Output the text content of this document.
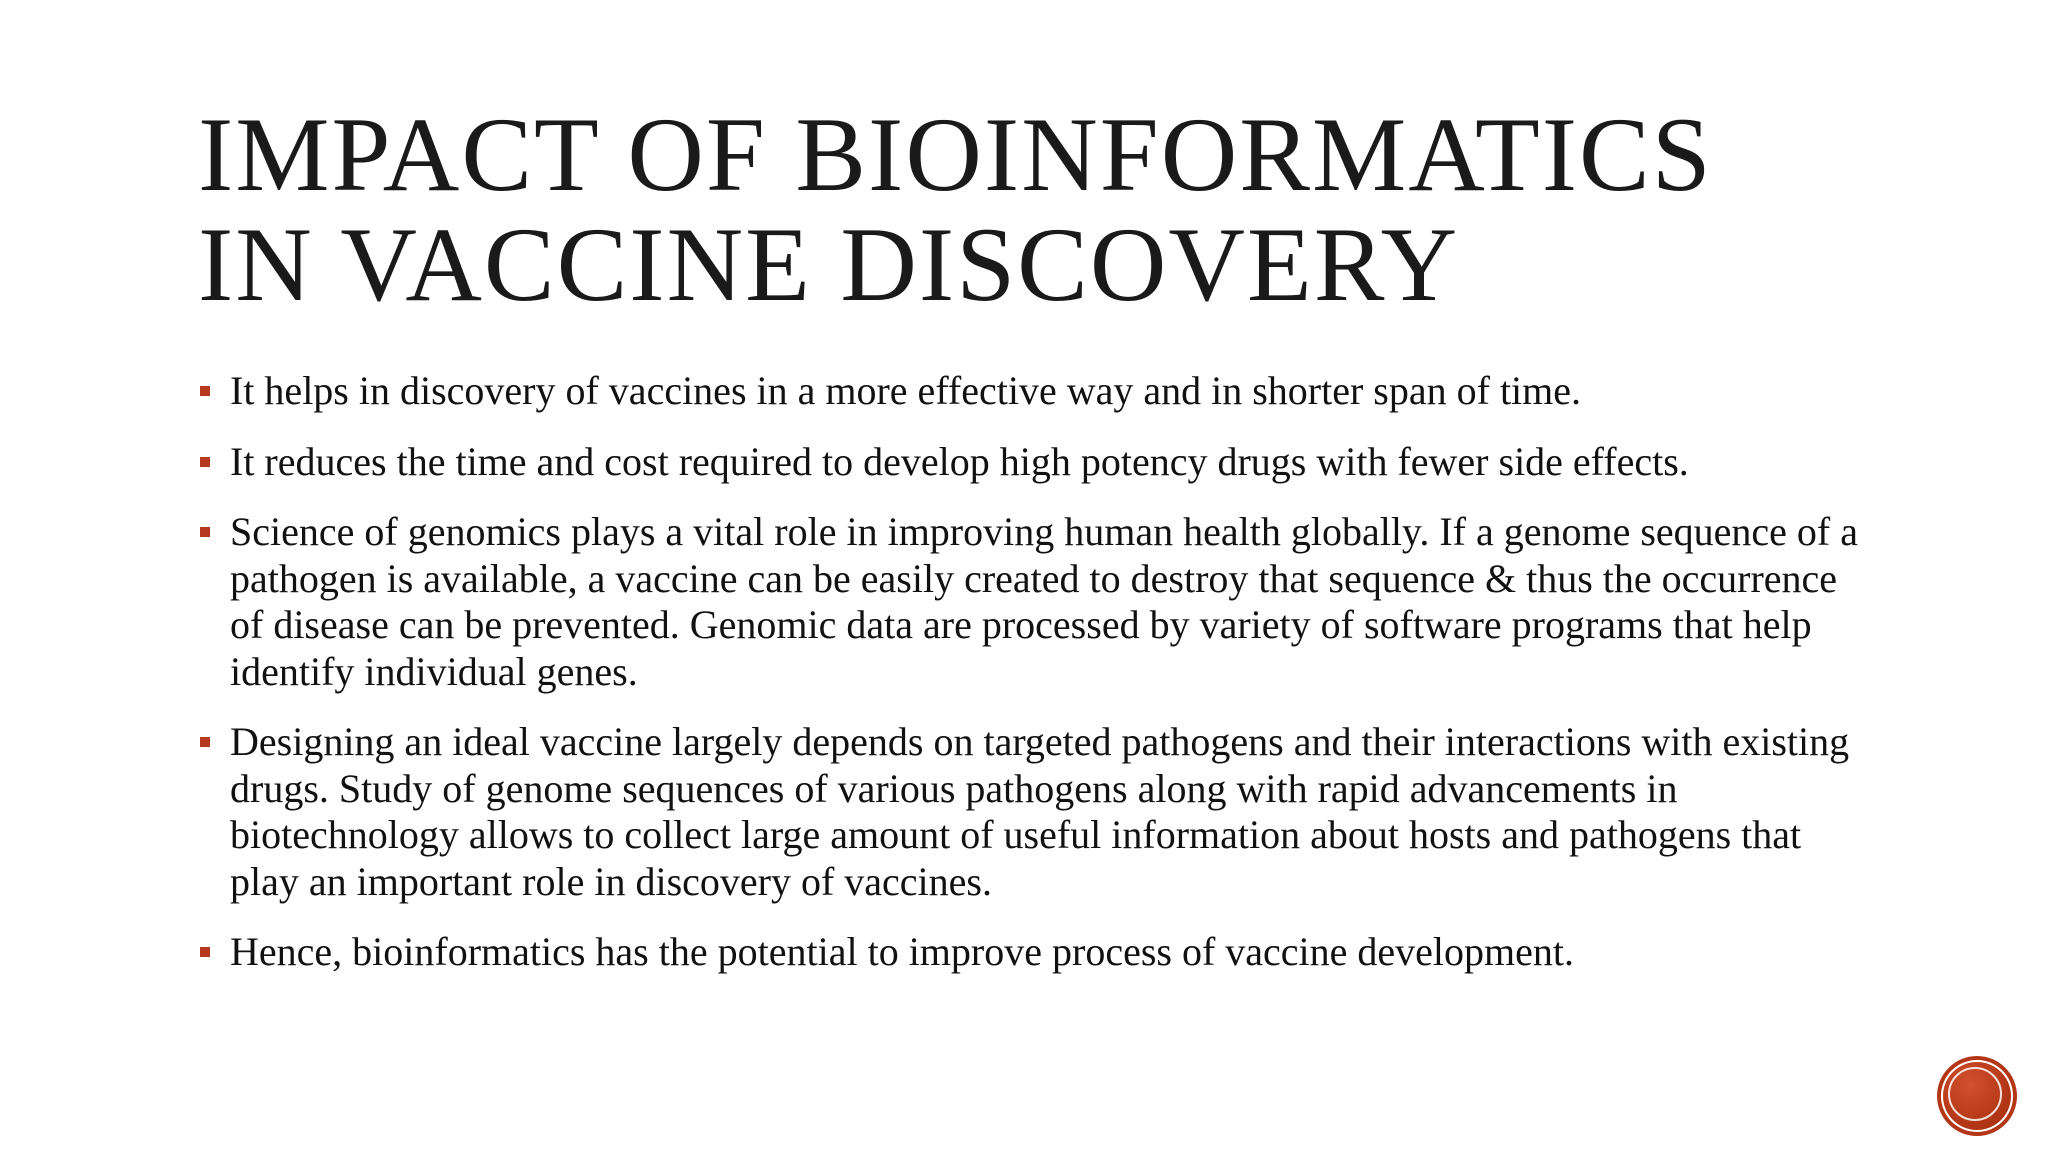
IMPACT OF BIOINFORMATICS
IN VACCINE DISCOVERY
It helps in discovery of vaccines in a more effective way and in shorter span of time.
It reduces the time and cost required to develop high potency drugs with fewer side effects.
Science of genomics plays a vital role in improving human health globally. If a genome sequence of a pathogen is available, a vaccine can be easily created to destroy that sequence & thus the occurrence of disease can be prevented. Genomic data are processed by variety of software programs that help identify individual genes.
Designing an ideal vaccine largely depends on targeted pathogens and their interactions with existing drugs. Study of genome sequences of various pathogens along with rapid advancements in biotechnology allows to collect large amount of useful information about hosts and pathogens that play an important role in discovery of vaccines.
Hence, bioinformatics has the potential to improve process of vaccine development.
